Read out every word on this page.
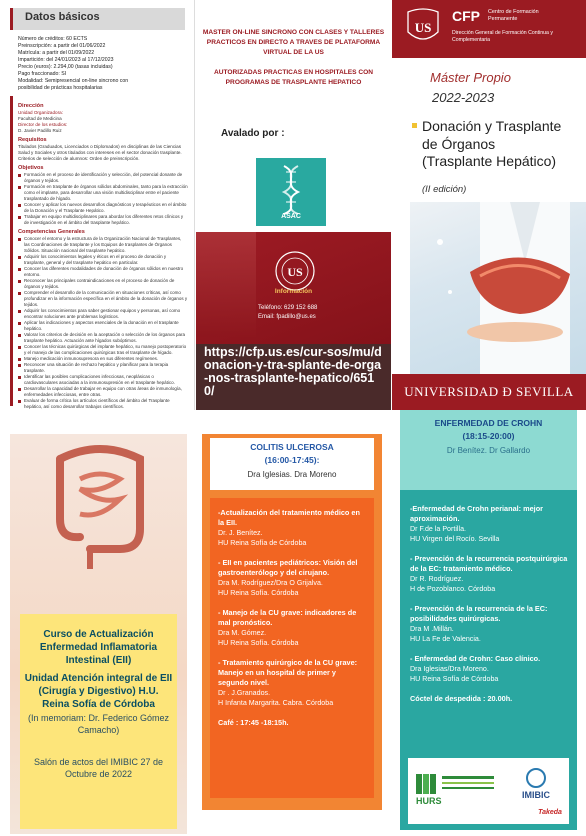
Datos básicos
Número de créditos: 60 ECTS
Preinscripción: a partir del 01/06/2022
Matrícula: a partir del 01/09/2022
Impartición: del 24/01/2023 al 17/12/2023
Precio (euros): 2.294,00 (tasas incluidas)
Pago fraccionado: SI
Modalidad: Semipresencial on-line sincrono con
posibilidad de prácticas hospitalarias
Dirección
Unidad Organizadora:
Facultad de Medicina
Director de los estudios:
D. Javier Padillo Ruiz
Requisitos
Titulados (Graduados, Licenciados o Diplomados) en disciplinas de las Ciencias Salud y Sociales y otros titulados con intereses en el sector donación trasplante.
Criterios de selección de alumnos: Orden de preinscripción.
Objetivos
Formación en el proceso de identificación y selección, del potencial donante de órganos y tejidos.
Formación en trasplante de órganos sólidos abdominales, tanto para la extracción como el implante, para desarrollar una visión multidisciplinar entre el paciente trasplantado de hígado.
Conocer y aplicar los nuevos desarrollos diagnósticos y terapéuticos en el ámbito de la Donación y el Trasplante Hepático.
Trabajar en equipo multidisciplinares para abordar los diferentes retos clínicos y de investigación en el ámbito del trasplante hepático.
Competencias Generales
Conocer el entorno y la estructura de la Organización Nacional de Trasplantes, las Coordinaciones de trasplante y los Equipos de trasplantes de Órganos Sólidos. Situación nacional del trasplante hepático.
Adquirir los conocimientos legales y éticos en el proceso de donación y trasplante, general y del trasplante hepático en particular.
Conocer las diferentes modalidades de donación de órganos sólidos en nuestro entorno.
Reconocer las principales contraindicaciones en el proceso de donación de órganos y tejidos.
Comprender el desarrollo de la comunicación en situaciones críticas, así como profundizar en la información específica en el ámbito de la donación de órganos y tejidos.
Adquirir los conocimientos para saber gestionar equipos y personas, así como encontrar soluciones ante problemas logísticos.
Aplicar las indicaciones y aspectos esenciales de la donación en el trasplante hepático.
Valorar los criterios de decisión en la aceptación o selección de los órganos para trasplante hepático. Actuación ante hígados subóptimos.
Conocer las técnicas quirúrgicas del implante hepático, su manejo postoperatorio y el manejo de las complicaciones quirúrgicas tras el trasplante de hígado.
Manejo medicación inmunosupresora en sus diferentes regímenes.
Reconocer una situación de rechazo hepático y planificar para la terapia trasplante.
Identificar las posibles complicaciones infecciosas, neoplásicas o cardiovasculares asociadas a la inmunosupresión en el trasplante hepático.
Desarrollar la capacidad de trabajar en equipo con otras áreas de inmunología, enfermedades infecciosas, entre otras.
Evaluar de forma crítica los artículos científicos del ámbito del Trasplante hepático, así como desarrollar trabajos científicos.

MASTER ON-LINE SINCRONO CON CLASES Y TALLERES PRACTICOS EN DIRECTO A TRAVES DE PLATAFORMA VIRTUAL DE LA US

AUTORIZADAS PRACTICAS EN HOSPITALES CON PROGRAMAS DE TRASPLANTE HEPATICO

Avalado por :
ASAC
US
Información
Teléfono: 629 152 688
Email: fpadillo@us.es
https://cfp.us.es/cur-sos/mu/donacion-y-tra-splante-de-orga-nos-trasplante-hepatico/6510/
US
CFP Centro de Formación Permanente
Dirección General de Formación Continua y Complementaria
Máster Propio
2022-2023
Donación y Trasplante
de Órganos
(Trasplante Hepático)
(II edición)
UNIVERSIDAD Ð SEVILLA
Curso de Actualización Enfermedad Inflamatoria Intestinal (EII)
Unidad Atención integral de EII (Cirugía y Digestivo) H.U. Reina Sofía de Córdoba
(In memoriam: Dr. Federico Gómez Camacho)
Salón de actos del IMIBIC 27 de Octubre de 2022
COLITIS ULCEROSA
(16:00-17:45):
Dra Iglesias. Dra Moreno
-Actualización del tratamiento médico en la EII.
Dr. J. Benítez.
HU Reina Sofía de Córdoba
- EII en pacientes pediátricos: Visión del gastroenterólogo y del cirujano.
Dra M. Rodríguez/Dra O Grijalva.
HU Reina Sofía. Córdoba
- Manejo de la CU grave: indicadores de mal pronóstico.
Dra M. Gómez.
HU Reina Sofía. Córdoba
- Tratamiento quirúrgico de la CU grave: Manejo en un hospital de primer y segundo nivel.
Dr . J.Granados.
H Infanta Margarita. Cabra. Córdoba
Café : 17:45 -18:15h.
ENFERMEDAD DE CROHN
(18:15-20:00)
Dr Benítez. Dr Gallardo
-Enfermedad de Crohn perianal: mejor aproximación.
Dr F.de la Portilla.
HU Virgen del Rocío. Sevilla
- Prevención de la recurrencia postquirúrgica de la EC: tratamiento médico.
Dr R. Rodríguez.
H de Pozoblanco. Córdoba
- Prevención de la recurrencia de la EC: posibilidades quirúrgicas.
Dra M .Millán.
HU La Fe de Valencia.
- Enfermedad de Crohn: Caso clínico.
Dra Iglesias/Dra Moreno.
HU Reina Sofía de Córdoba
Cóctel de despedida : 20.00h.
HURS
IMIBIC
Takeda
